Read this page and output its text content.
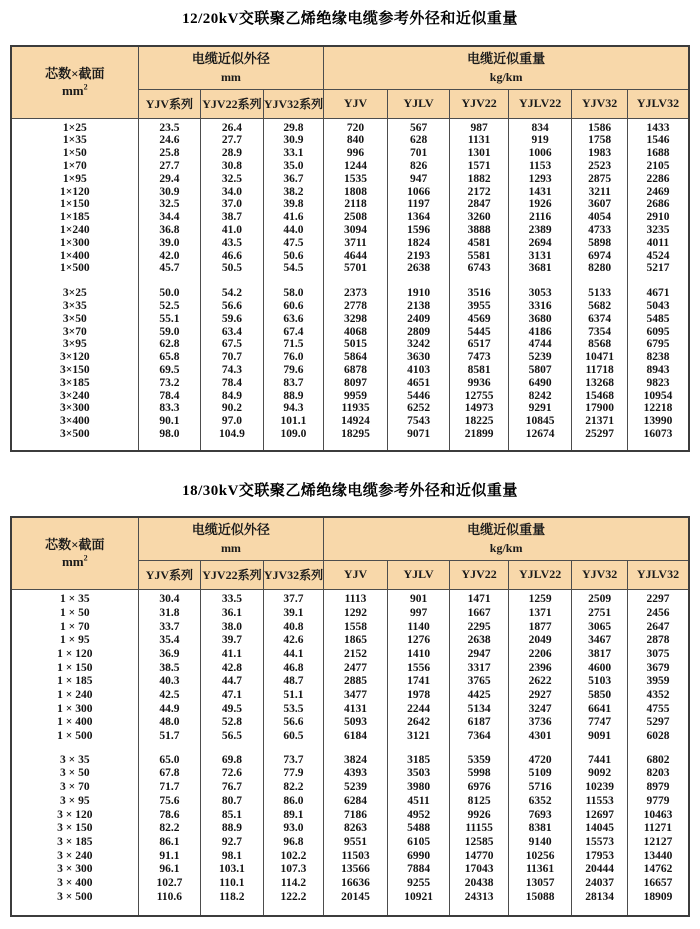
12/20kV交联聚乙烯绝缘电缆参考外径和近似重量
芯数×截面
$mm^2$	电缆近似外径
mm			电缆近似重量
kg/km					
	YJV系列	YJV22系列	YJV32系列	YJV	YJLV	YJV22	YJLV22	YJV32	YJLV32

1×25	23.5	26.4	29.8	720	567	987	834	1586	1433
1×35	24.6	27.7	30.9	840	628	1131	919	1758	1546
1×50	25.8	28.9	33.1	996	701	1301	1006	1983	1688
1×70	27.7	30.8	35.0	1244	826	1571	1153	2523	2105
1×95	29.4	32.5	36.7	1535	947	1882	1293	2875	2286
1×120	30.9	34.0	38.2	1808	1066	2172	1431	3211	2469
1×150	32.5	37.0	39.8	2118	1197	2847	1926	3607	2686
1×185	34.4	38.7	41.6	2508	1364	3260	2116	4054	2910
1×240	36.8	41.0	44.0	3094	1596	3888	2389	4733	3235
1×300	39.0	43.5	47.5	3711	1824	4581	2694	5898	4011
1×400	42.0	46.6	50.6	4644	2193	5581	3131	6974	4524
1×500	45.7	50.5	54.5	5701	2638	6743	3681	8280	5217

3×25	50.0	54.2	58.0	2373	1910	3516	3053	5133	4671
3×35	52.5	56.6	60.6	2778	2138	3955	3316	5682	5043
3×50	55.1	59.6	63.6	3298	2409	4569	3680	6374	5485
3×70	59.0	63.4	67.4	4068	2809	5445	4186	7354	6095
3×95	62.8	67.5	71.5	5015	3242	6517	4744	8568	6795
3×120	65.8	70.7	76.0	5864	3630	7473	5239	10471	8238
3×150	69.5	74.3	79.6	6878	4103	8581	5807	11718	8943
3×185	73.2	78.4	83.7	8097	4651	9936	6490	13268	9823
3×240	78.4	84.9	88.9	9959	5446	12755	8242	15468	10954
3×300	83.3	90.2	94.3	11935	6252	14973	9291	17900	12218
3×400	90.1	97.0	101.1	14924	7543	18225	10845	21371	13990
3×500	98.0	104.9	109.0	18295	9071	21899	12674	25297	16073

18/30kV交联聚乙烯绝缘电缆参考外径和近似重量
芯数×截面
$mm^2$	电缆近似外径
mm			电缆近似重量
kg/km					
	YJV系列	YJV22系列	YJV32系列	YJV	YJLV	YJV22	YJLV22	YJV32	YJLV32

1 × 35	30.4	33.5	37.7	1113	901	1471	1259	2509	2297
1 × 50	31.8	36.1	39.1	1292	997	1667	1371	2751	2456
1 × 70	33.7	38.0	40.8	1558	1140	2295	1877	3065	2647
1 × 95	35.4	39.7	42.6	1865	1276	2638	2049	3467	2878
1 × 120	36.9	41.1	44.1	2152	1410	2947	2206	3817	3075
1 × 150	38.5	42.8	46.8	2477	1556	3317	2396	4600	3679
1 × 185	40.3	44.7	48.7	2885	1741	3765	2622	5103	3959
1 × 240	42.5	47.1	51.1	3477	1978	4425	2927	5850	4352
1 × 300	44.9	49.5	53.5	4131	2244	5134	3247	6641	4755
1 × 400	48.0	52.8	56.6	5093	2642	6187	3736	7747	5297
1 × 500	51.7	56.5	60.5	6184	3121	7364	4301	9091	6028

3 × 35	65.0	69.8	73.7	3824	3185	5359	4720	7441	6802
3 × 50	67.8	72.6	77.9	4393	3503	5998	5109	9092	8203
3 × 70	71.7	76.7	82.2	5239	3980	6976	5716	10239	8979
3 × 95	75.6	80.7	86.0	6284	4511	8125	6352	11553	9779
3 × 120	78.6	85.1	89.1	7186	4952	9926	7693	12697	10463
3 × 150	82.2	88.9	93.0	8263	5488	11155	8381	14045	11271
3 × 185	86.1	92.7	96.8	9551	6105	12585	9140	15573	12127
3 × 240	91.1	98.1	102.2	11503	6990	14770	10256	17953	13440
3 × 300	96.1	103.1	107.3	13566	7884	17043	11361	20444	14762
3 × 400	102.7	110.1	114.2	16636	9255	20438	13057	24037	16657
3 × 500	110.6	118.2	122.2	20145	10921	24313	15088	28134	18909
